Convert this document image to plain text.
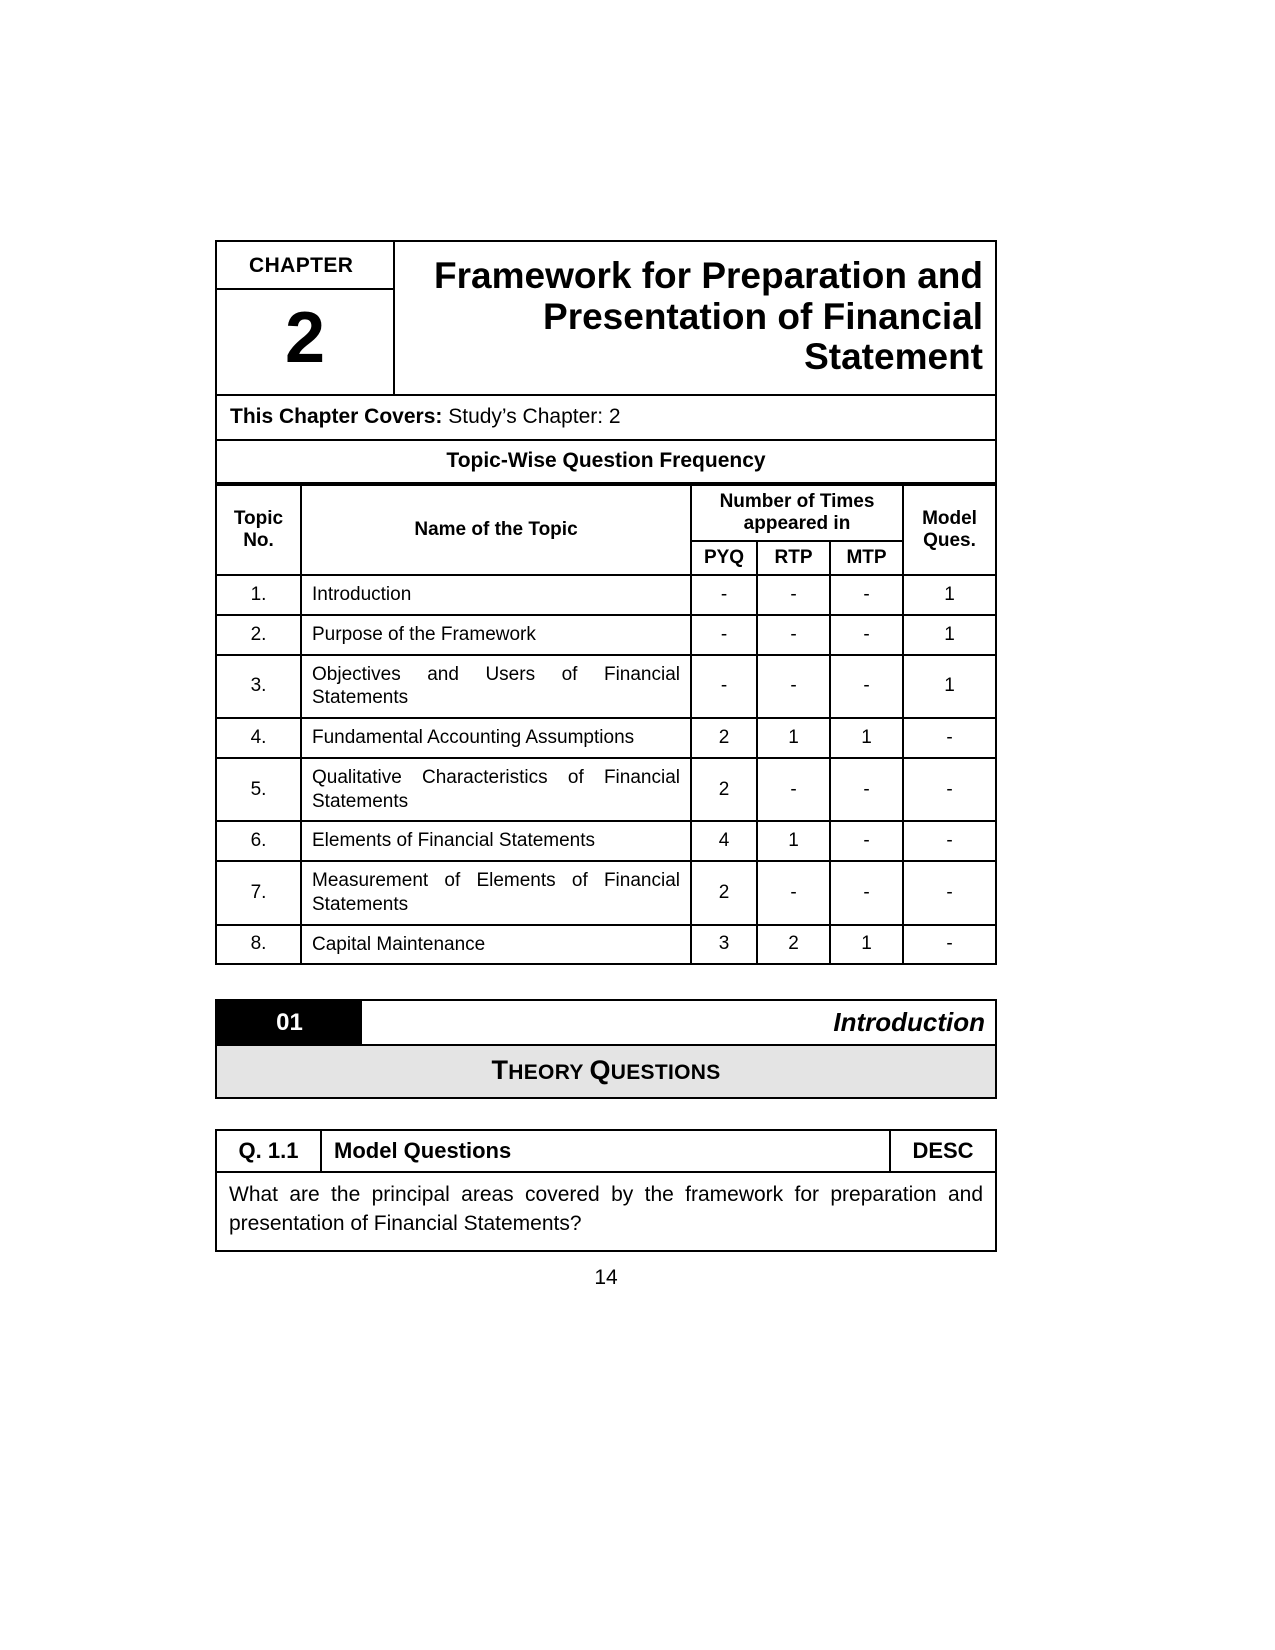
CHAPTER
2
Framework for Preparation and Presentation of Financial Statement
This Chapter Covers: Study’s Chapter: 2
Topic-Wise Question Frequency
Topic No.	Name of the Topic	Number of Times appeared in			Model Ques.
		PYQ	RTP	MTP	
1.	Introduction	-	-	-	1
2.	Purpose of the Framework	-	-	-	1
3.	Objectives and Users of Financial Statements	-	-	-	1
4.	Fundamental Accounting Assumptions	2	1	1	-
5.	Qualitative Characteristics of Financial Statements	2	-	-	-
6.	Elements of Financial Statements	4	1	-	-
7.	Measurement of Elements of Financial Statements	2	-	-	-
8.	Capital Maintenance	3	2	1	-
01	Introduction
THEORY QUESTIONS
Q. 1.1	Model Questions	DESC
What are the principal areas covered by the framework for preparation and presentation of Financial Statements?
14
